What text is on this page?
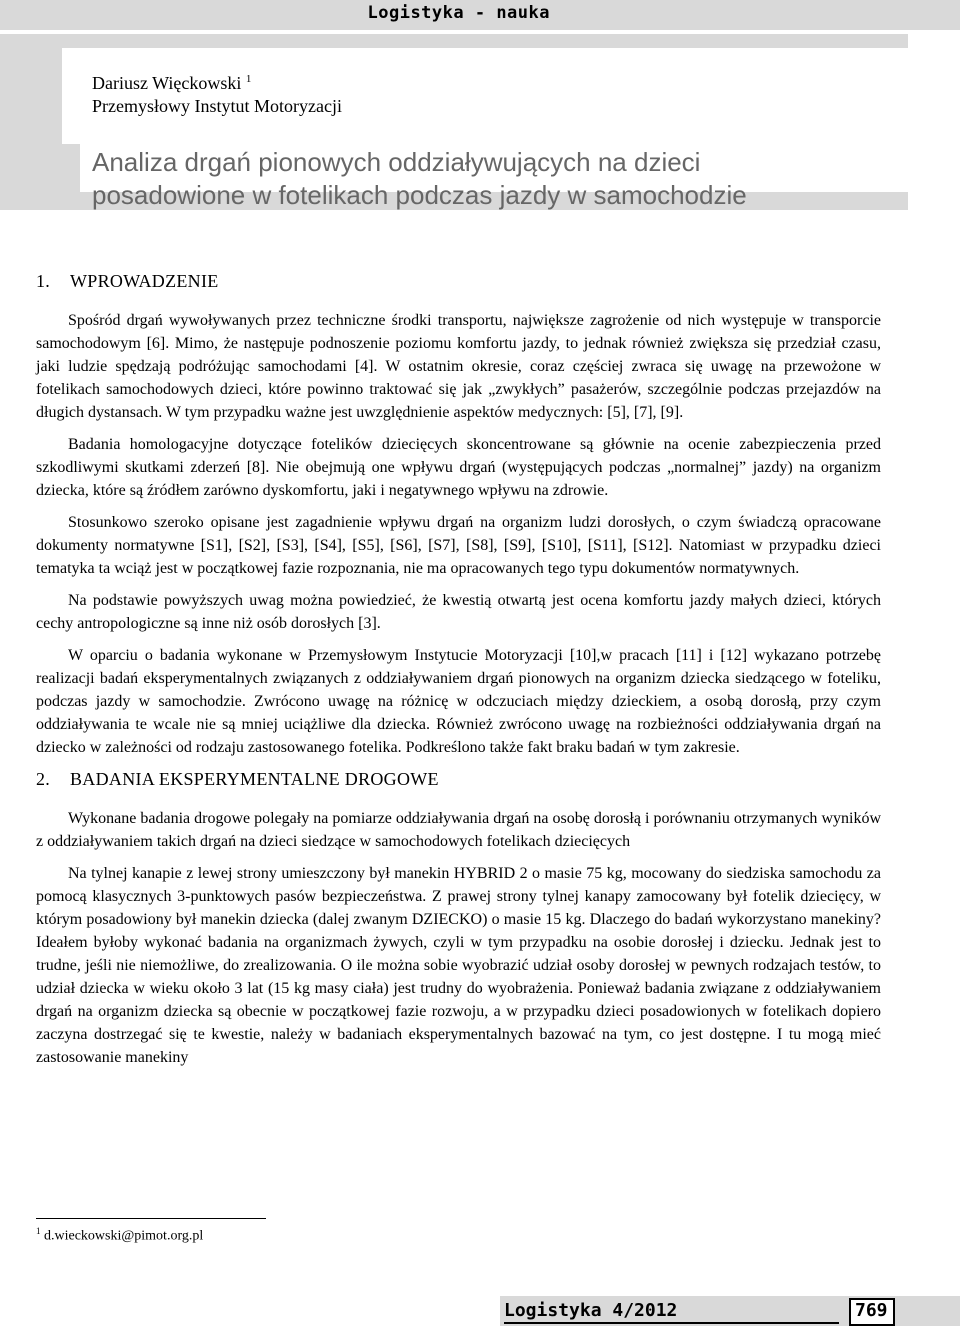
Logistyka - nauka
Dariusz Więckowski $^1$
Przemysłowy Instytut Motoryzacji
Analiza drgań pionowych oddziaływujących na dzieci
posadowione w fotelikach podczas jazdy w samochodzie
1. WPROWADZENIE

Spośród drgań wywoływanych przez techniczne środki transportu, największe zagrożenie od nich występuje w transporcie samochodowym [6]. Mimo, że następuje podnoszenie poziomu komfortu jazdy, to jednak również zwiększa się przedział czasu, jaki ludzie spędzają podróżując samochodami [4]. W ostatnim okresie, coraz częściej zwraca się uwagę na przewożone w fotelikach samochodowych dzieci, które powinno traktować się jak „zwykłych” pasażerów, szczególnie podczas przejazdów na długich dystansach. W tym przypadku ważne jest uwzględnienie aspektów medycznych: [5], [7], [9].

Badania homologacyjne dotyczące fotelików dziecięcych skoncentrowane są głównie na ocenie zabezpieczenia przed szkodliwymi skutkami zderzeń [8]. Nie obejmują one wpływu drgań (występujących podczas „normalnej” jazdy) na organizm dziecka, które są źródłem zarówno dyskomfortu, jaki i negatywnego wpływu na zdrowie.

Stosunkowo szeroko opisane jest zagadnienie wpływu drgań na organizm ludzi dorosłych, o czym świadczą opracowane dokumenty normatywne [S1], [S2], [S3], [S4], [S5], [S6], [S7], [S8], [S9], [S10], [S11], [S12]. Natomiast w przypadku dzieci tematyka ta wciąż jest w początkowej fazie rozpoznania, nie ma opracowanych tego typu dokumentów normatywnych.

Na podstawie powyższych uwag można powiedzieć, że kwestią otwartą jest ocena komfortu jazdy małych dzieci, których cechy antropologiczne są inne niż osób dorosłych [3].

W oparciu o badania wykonane w Przemysłowym Instytucie Motoryzacji [10],w pracach [11] i [12] wykazano potrzebę realizacji badań eksperymentalnych związanych z oddziaływaniem drgań pionowych na organizm dziecka siedzącego w foteliku, podczas jazdy w samochodzie. Zwrócono uwagę na różnicę w odczuciach między dzieckiem, a osobą dorosłą, przy czym oddziaływania te wcale nie są mniej uciążliwe dla dziecka. Również zwrócono uwagę na rozbieżności oddziaływania drgań na dziecko w zależności od rodzaju zastosowanego fotelika. Podkreślono także fakt braku badań w tym zakresie.

2. BADANIA EKSPERYMENTALNE DROGOWE

Wykonane badania drogowe polegały na pomiarze oddziaływania drgań na osobę dorosłą i porównaniu otrzymanych wyników z oddziaływaniem takich drgań na dzieci siedzące w samochodowych fotelikach dziecięcych

Na tylnej kanapie z lewej strony umieszczony był manekin HYBRID 2 o masie 75 kg, mocowany do siedziska samochodu za pomocą klasycznych 3-punktowych pasów bezpieczeństwa. Z prawej strony tylnej kanapy zamocowany był fotelik dziecięcy, w którym posadowiony był manekin dziecka (dalej zwanym DZIECKO) o masie 15 kg. Dlaczego do badań wykorzystano manekiny? Ideałem byłoby wykonać badania na organizmach żywych, czyli w tym przypadku na osobie dorosłej i dziecku. Jednak jest to trudne, jeśli nie niemożliwe, do zrealizowania. O ile można sobie wyobrazić udział osoby dorosłej w pewnych rodzajach testów, to udział dziecka w wieku około 3 lat (15 kg masy ciała) jest trudny do wyobrażenia. Ponieważ badania związane z oddziaływaniem drgań na organizm dziecka są obecnie w początkowej fazie rozwoju, a w przypadku dzieci posadowionych w fotelikach dopiero zaczyna dostrzegać się te kwestie, należy w badaniach eksperymentalnych bazować na tym, co jest dostępne. I tu mogą mieć zastosowanie manekiny

$^1$ d.wieckowski@pimot.org.pl
Logistyka 4/2012	769
